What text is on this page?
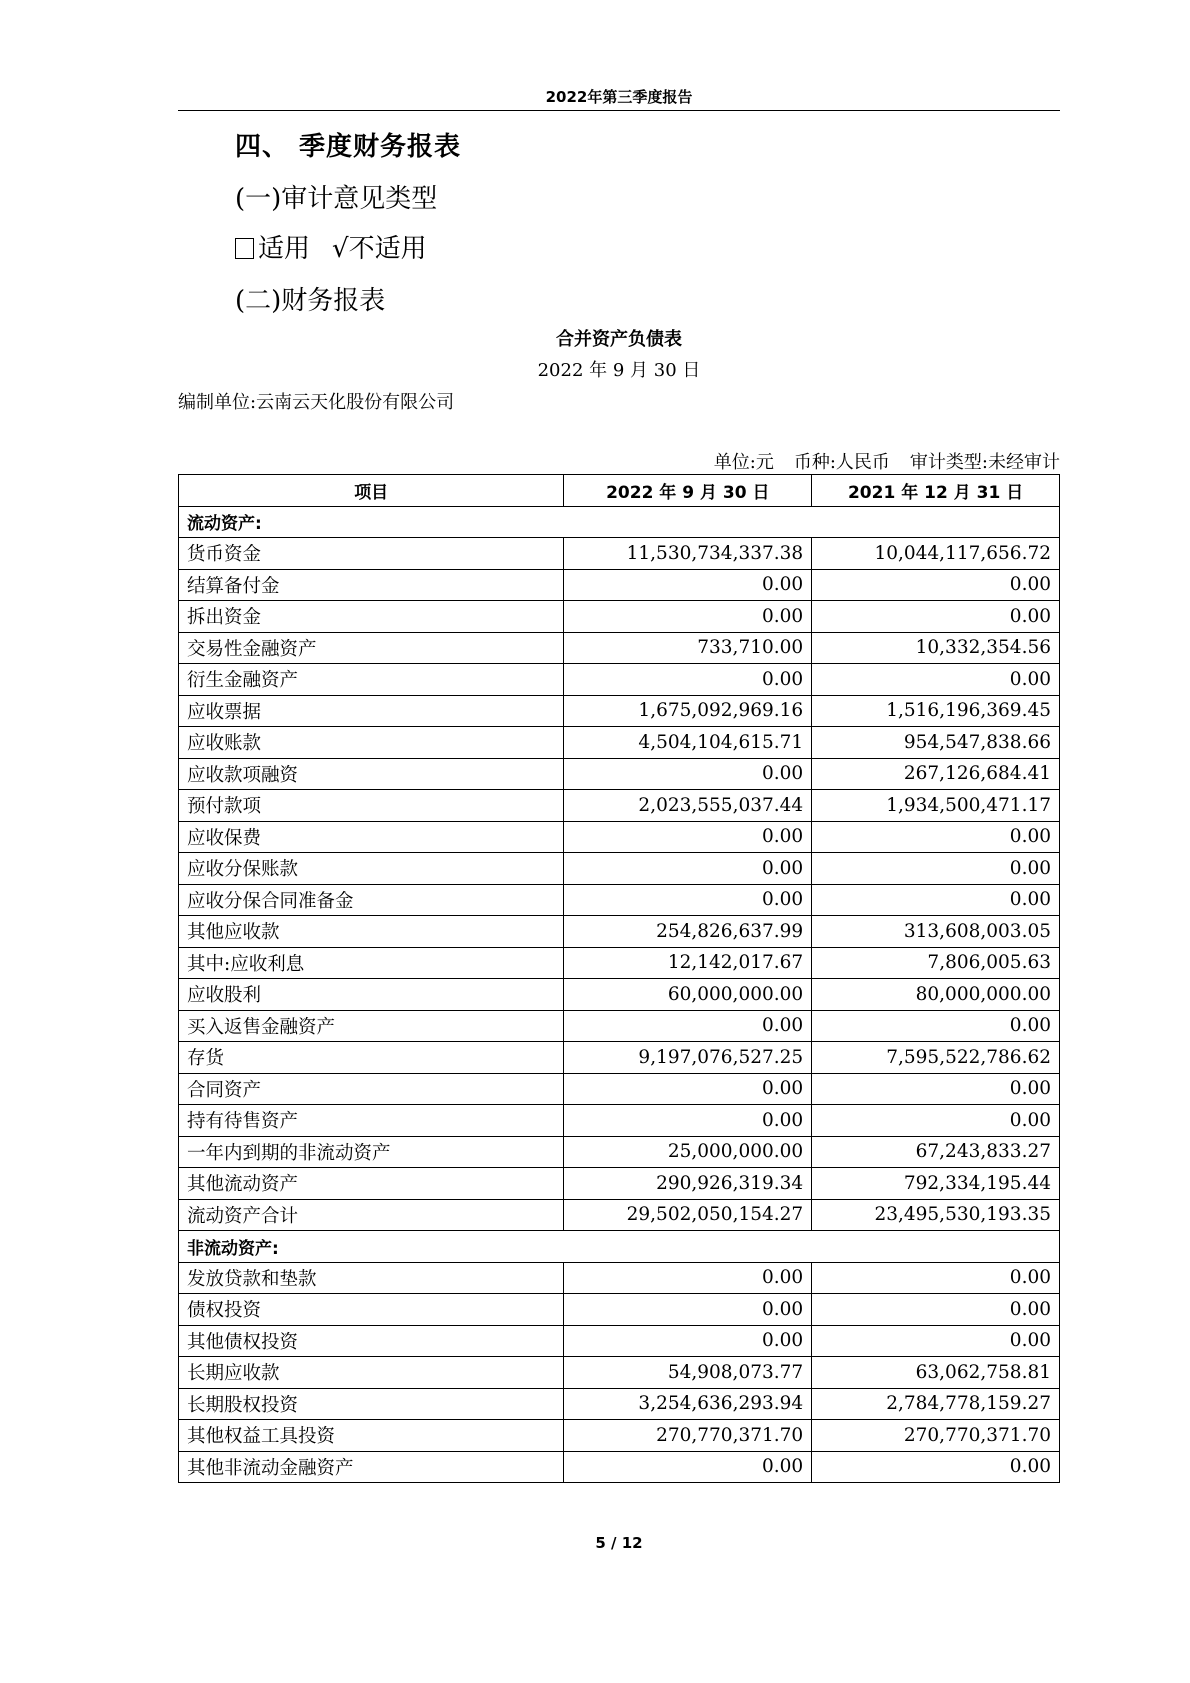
2022年第三季度报告
四、 季度财务报表
(一)审计意见类型
适用 √不适用
(二)财务报表
合并资产负债表
2022 年 9 月 30 日
编制单位:云南云天化股份有限公司
单位:元 币种:人民币 审计类型:未经审计
项目	2022 年 9 月 30 日	2021 年 12 月 31 日
流动资产:		
货币资金	11,530,734,337.38	10,044,117,656.72
结算备付金	0.00	0.00
拆出资金	0.00	0.00
交易性金融资产	733,710.00	10,332,354.56
衍生金融资产	0.00	0.00
应收票据	1,675,092,969.16	1,516,196,369.45
应收账款	4,504,104,615.71	954,547,838.66
应收款项融资	0.00	267,126,684.41
预付款项	2,023,555,037.44	1,934,500,471.17
应收保费	0.00	0.00
应收分保账款	0.00	0.00
应收分保合同准备金	0.00	0.00
其他应收款	254,826,637.99	313,608,003.05
其中:应收利息	12,142,017.67	7,806,005.63
应收股利	60,000,000.00	80,000,000.00
买入返售金融资产	0.00	0.00
存货	9,197,076,527.25	7,595,522,786.62
合同资产	0.00	0.00
持有待售资产	0.00	0.00
一年内到期的非流动资产	25,000,000.00	67,243,833.27
其他流动资产	290,926,319.34	792,334,195.44
流动资产合计	29,502,050,154.27	23,495,530,193.35
非流动资产:		
发放贷款和垫款	0.00	0.00
债权投资	0.00	0.00
其他债权投资	0.00	0.00
长期应收款	54,908,073.77	63,062,758.81
长期股权投资	3,254,636,293.94	2,784,778,159.27
其他权益工具投资	270,770,371.70	270,770,371.70
其他非流动金融资产	0.00	0.00
5 / 12
